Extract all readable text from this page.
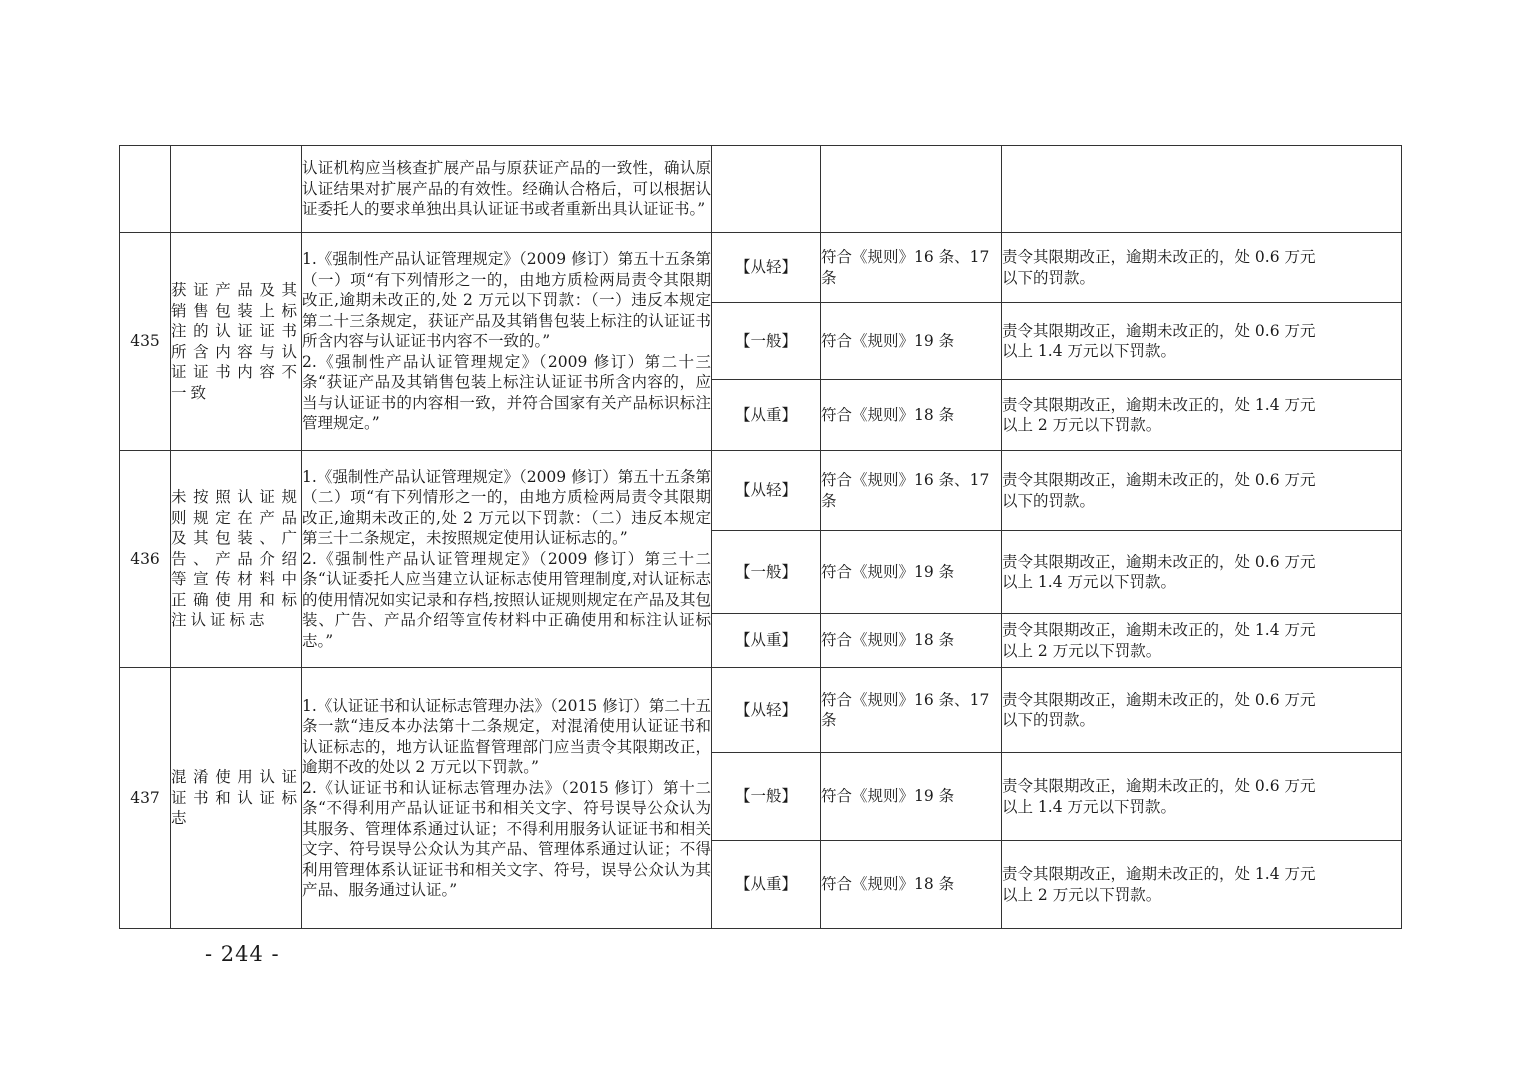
		认证机构应当核查扩展产品与原获证产品的一致性，确认原认证结果对扩展产品的有效性。经确认合格后，可以根据认证委托人的要求单独出具认证证书或者重新出具认证证书。”			
435	获证产品及其销售包装上标注的认证证书所含内容与认证证书内容不一致	1.《强制性产品认证管理规定》（2009 修订）第五十五条第（一）项“有下列情形之一的，由地方质检两局责令其限期改正,逾期未改正的,处 2 万元以下罚款：（一）违反本规定第二十三条规定，获证产品及其销售包装上标注的认证证书所含内容与认证证书内容不一致的。”
2.《强制性产品认证管理规定》（2009 修订）第二十三条“获证产品及其销售包装上标注认证证书所含内容的，应当与认证证书的内容相一致，并符合国家有关产品标识标注管理规定。”	【从轻】	符合《规则》16 条、17 条	责令其限期改正，逾期未改正的，处 0.6 万元
以下的罚款。

			【一般】	符合《规则》19 条	责令其限期改正，逾期未改正的，处 0.6 万元
以上 1.4 万元以下罚款。

			【从重】	符合《规则》18 条	责令其限期改正，逾期未改正的，处 1.4 万元
以上 2 万元以下罚款。

436	未按照认证规则规定在产品及其包装、广告、产品介绍等宣传材料中正确使用和标注认证标志	1.《强制性产品认证管理规定》（2009 修订）第五十五条第（二）项“有下列情形之一的，由地方质检两局责令其限期改正,逾期未改正的,处 2 万元以下罚款：（二）违反本规定第三十二条规定，未按照规定使用认证标志的。”
2.《强制性产品认证管理规定》（2009 修订）第三十二条“认证委托人应当建立认证标志使用管理制度,对认证标志的使用情况如实记录和存档,按照认证规则规定在产品及其包装、广告、产品介绍等宣传材料中正确使用和标注认证标志。”	【从轻】	符合《规则》16 条、17 条	责令其限期改正，逾期未改正的，处 0.6 万元
以下的罚款。

			【一般】	符合《规则》19 条	责令其限期改正，逾期未改正的，处 0.6 万元
以上 1.4 万元以下罚款。

			【从重】	符合《规则》18 条	责令其限期改正，逾期未改正的，处 1.4 万元
以上 2 万元以下罚款。

437	混淆使用认证证书和认证标志	1.《认证证书和认证标志管理办法》（2015 修订）第二十五条一款“违反本办法第十二条规定，对混淆使用认证证书和认证标志的，地方认证监督管理部门应当责令其限期改正，逾期不改的处以 2 万元以下罚款。”
2.《认证证书和认证标志管理办法》（2015 修订）第十二条“不得利用产品认证证书和相关文字、符号误导公众认为其服务、管理体系通过认证；不得利用服务认证证书和相关文字、符号误导公众认为其产品、管理体系通过认证；不得利用管理体系认证证书和相关文字、符号，误导公众认为其产品、服务通过认证。”	【从轻】	符合《规则》16 条、17 条	责令其限期改正，逾期未改正的，处 0.6 万元
以下的罚款。

			【一般】	符合《规则》19 条	责令其限期改正，逾期未改正的，处 0.6 万元
以上 1.4 万元以下罚款。

			【从重】	符合《规则》18 条	责令其限期改正，逾期未改正的，处 1.4 万元
以上 2 万元以下罚款。
- 244 -
